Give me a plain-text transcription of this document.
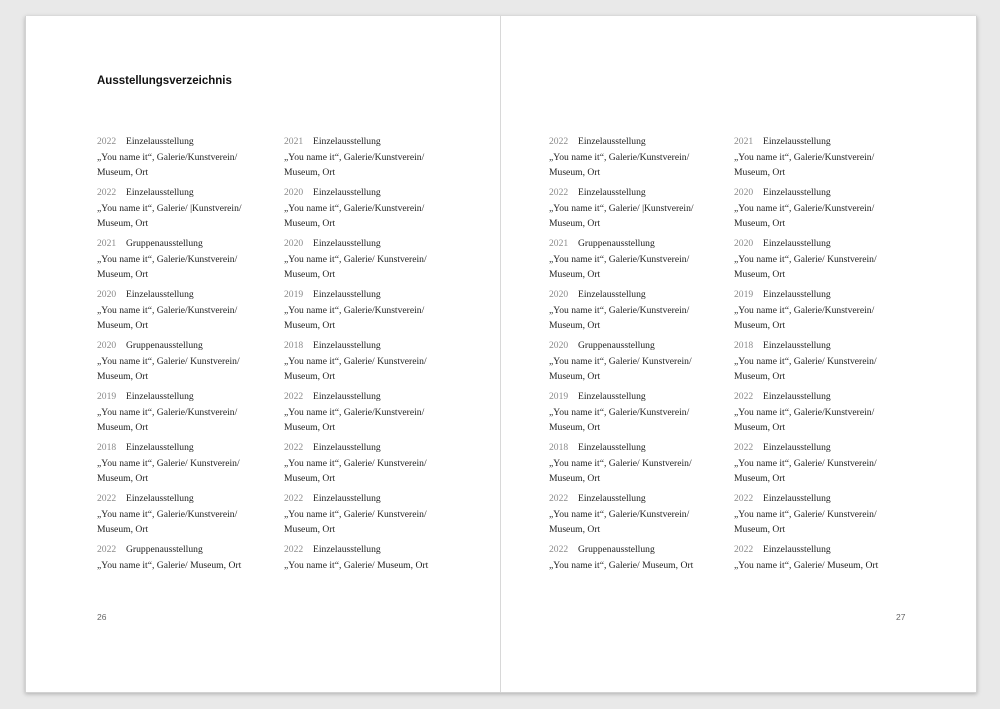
Ausstellungsverzeichnis
2022 Einzelausstellung
„You name it“, Galerie/Kunstverein/
Museum, Ort
2022 Einzelausstellung
„You name it“, Galerie/ |Kunstverein/
Museum, Ort
2021 Gruppenausstellung
„You name it“, Galerie/Kunstverein/
Museum, Ort
2020 Einzelausstellung
„You name it“, Galerie/Kunstverein/
Museum, Ort
2020 Gruppenausstellung
„You name it“, Galerie/ Kunstverein/
Museum, Ort
2019 Einzelausstellung
„You name it“, Galerie/Kunstverein/
Museum, Ort
2018 Einzelausstellung
„You name it“, Galerie/ Kunstverein/
Museum, Ort
2022 Einzelausstellung
„You name it“, Galerie/Kunstverein/
Museum, Ort
2022 Gruppenausstellung
„You name it“, Galerie/ Museum, Ort
2021 Einzelausstellung
„You name it“, Galerie/Kunstverein/
Museum, Ort
2020 Einzelausstellung
„You name it“, Galerie/Kunstverein/
Museum, Ort
2020 Einzelausstellung
„You name it“, Galerie/ Kunstverein/
Museum, Ort
2019 Einzelausstellung
„You name it“, Galerie/Kunstverein/
Museum, Ort
2018 Einzelausstellung
„You name it“, Galerie/ Kunstverein/
Museum, Ort
2022 Einzelausstellung
„You name it“, Galerie/Kunstverein/
Museum, Ort
2022 Einzelausstellung
„You name it“, Galerie/ Kunstverein/
Museum, Ort
2022 Einzelausstellung
„You name it“, Galerie/ Kunstverein/
Museum, Ort
2022 Einzelausstellung
„You name it“, Galerie/ Museum, Ort
2022 Einzelausstellung
„You name it“, Galerie/Kunstverein/
Museum, Ort
2022 Einzelausstellung
„You name it“, Galerie/ |Kunstverein/
Museum, Ort
2021 Gruppenausstellung
„You name it“, Galerie/Kunstverein/
Museum, Ort
2020 Einzelausstellung
„You name it“, Galerie/Kunstverein/
Museum, Ort
2020 Gruppenausstellung
„You name it“, Galerie/ Kunstverein/
Museum, Ort
2019 Einzelausstellung
„You name it“, Galerie/Kunstverein/
Museum, Ort
2018 Einzelausstellung
„You name it“, Galerie/ Kunstverein/
Museum, Ort
2022 Einzelausstellung
„You name it“, Galerie/Kunstverein/
Museum, Ort
2022 Gruppenausstellung
„You name it“, Galerie/ Museum, Ort
2021 Einzelausstellung
„You name it“, Galerie/Kunstverein/
Museum, Ort
2020 Einzelausstellung
„You name it“, Galerie/Kunstverein/
Museum, Ort
2020 Einzelausstellung
„You name it“, Galerie/ Kunstverein/
Museum, Ort
2019 Einzelausstellung
„You name it“, Galerie/Kunstverein/
Museum, Ort
2018 Einzelausstellung
„You name it“, Galerie/ Kunstverein/
Museum, Ort
2022 Einzelausstellung
„You name it“, Galerie/Kunstverein/
Museum, Ort
2022 Einzelausstellung
„You name it“, Galerie/ Kunstverein/
Museum, Ort
2022 Einzelausstellung
„You name it“, Galerie/ Kunstverein/
Museum, Ort
2022 Einzelausstellung
„You name it“, Galerie/ Museum, Ort
26	27
